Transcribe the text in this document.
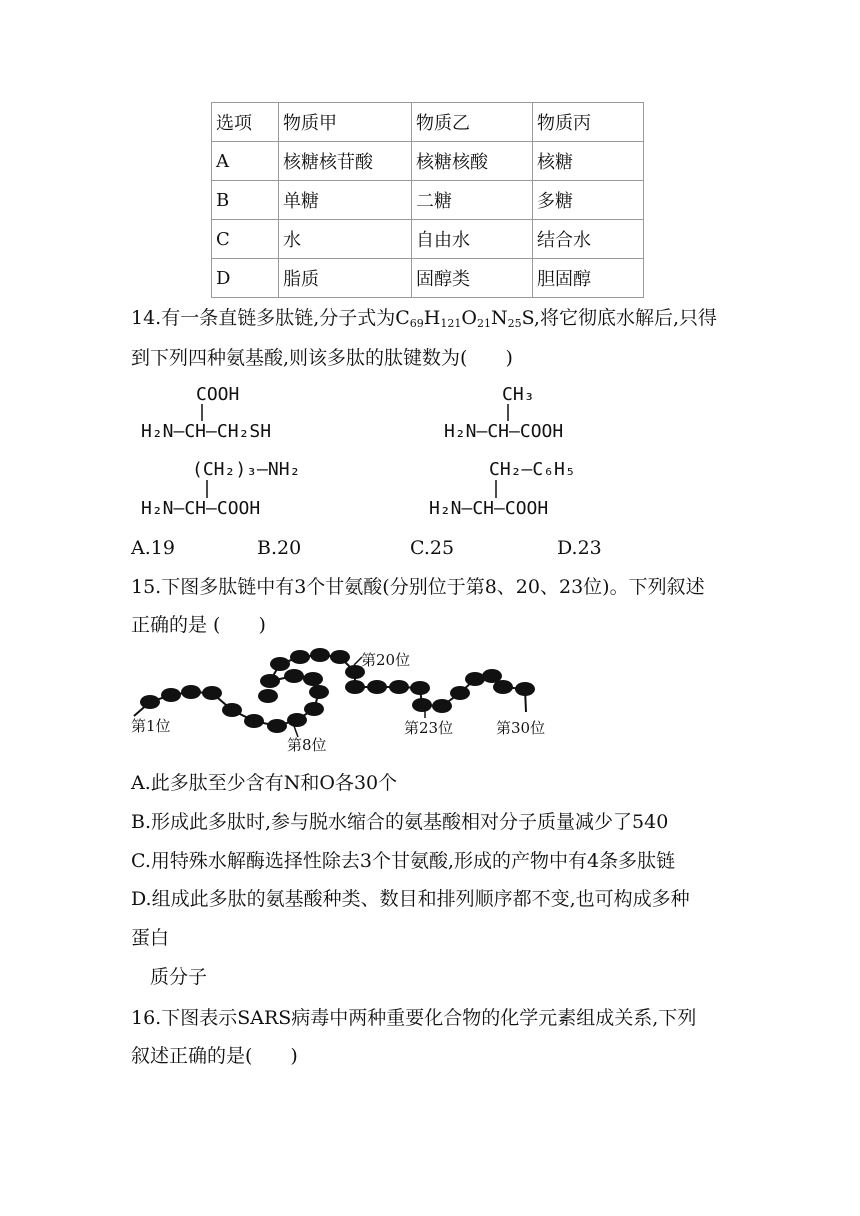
选项	物质甲	物质乙	物质丙
A	核糖核苷酸	核糖核酸	核糖
B	单糖	二糖	多糖
C	水	自由水	结合水
D	脂质	固醇类	胆固醇
14.有一条直链多肽链,分子式为$C_{69}H_{121}O_{21}N_{25}S$,将它彻底水解后,只得
到下列四种氨基酸,则该多肽的肽键数为(　　)
COOH
H₂N—CH—CH₂SH
CH₃
H₂N—CH—COOH
(CH₂)₃—NH₂
H₂N—CH—COOH
CH₂—C₆H₅
H₂N—CH—COOH
A.19	B.20	C.25	D.23
15.下图多肽链中有3个甘氨酸(分别位于第8、20、23位)。下列叙述
正确的是 (　　)
第1位
第8位
第20位
第23位	第30位
A.此多肽至少含有N和O各30个
B.形成此多肽时,参与脱水缩合的氨基酸相对分子质量减少了540
C.用特殊水解酶选择性除去3个甘氨酸,形成的产物中有4条多肽链
D.组成此多肽的氨基酸种类、数目和排列顺序都不变,也可构成多种
蛋白
质分子
16.下图表示SARS病毒中两种重要化合物的化学元素组成关系,下列
叙述正确的是(　　)
